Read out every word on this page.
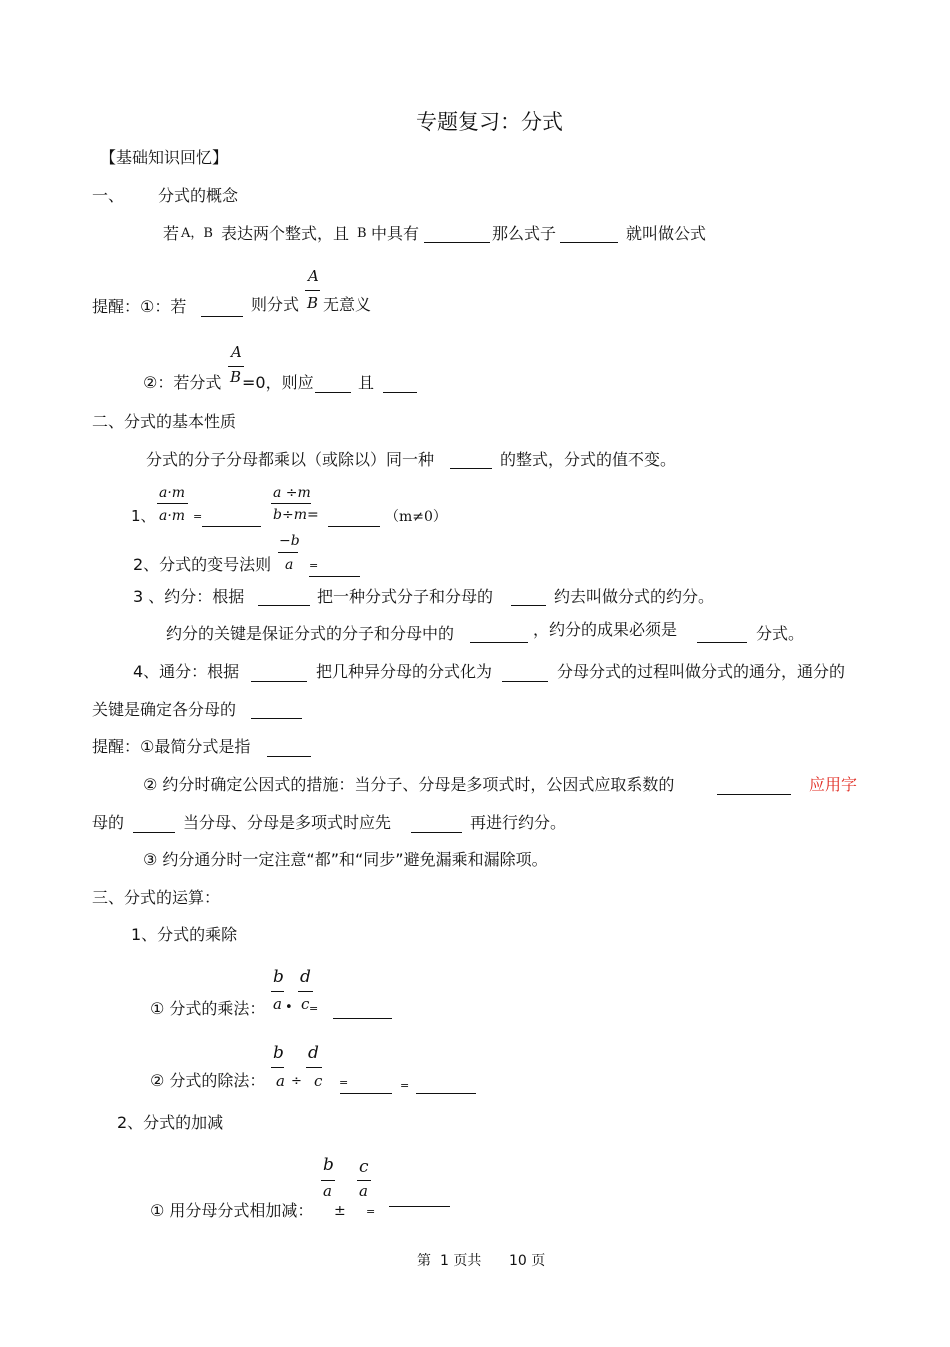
专题复习：分式
【基础知识回忆】
一、 分式的概念
若 A，B 表达两个整式，且 B 中具有	那么式子	就叫做公式
提醒：①：若	则分式
A
B 无意义
②：若分式
A
B =0，则应	且
二、分式的基本性质
分式的分子分母都乘以（或除以）同一种	的整式，分式的值不变。
1、
a·m
a·m =
a ÷m
b÷m=	（m≠0）
2、分式的变号法则
−b
a =
3 、约分：根据	把一种分式分子和分母的	约去叫做分式的约分。
约分的关键是保证分式的分子和分母中的	，约分的成果必须是	分式。
4、通分：根据	把几种异分母的分式化为	分母分式的过程叫做分式的通分，通分的
关键是确定各分母的
提醒：①最简分式是指
② 约分时确定公因式的措施：当分子、分母是多项式时，公因式应取系数的	应用字
母的	当分母、分母是多项式时应先	再进行约分。
③ 约分通分时一定注意“都”和“同步”避免漏乘和漏除项。
三、分式的运算：
1、分式的乘除
① 分式的乘法：
b
a •
d
c =
② 分式的除法：
b
a ÷
d
c =	=
2、分式的加减
① 用分母分式相加减：
b
a
±
c
a
=
第 1 页共 10 页
